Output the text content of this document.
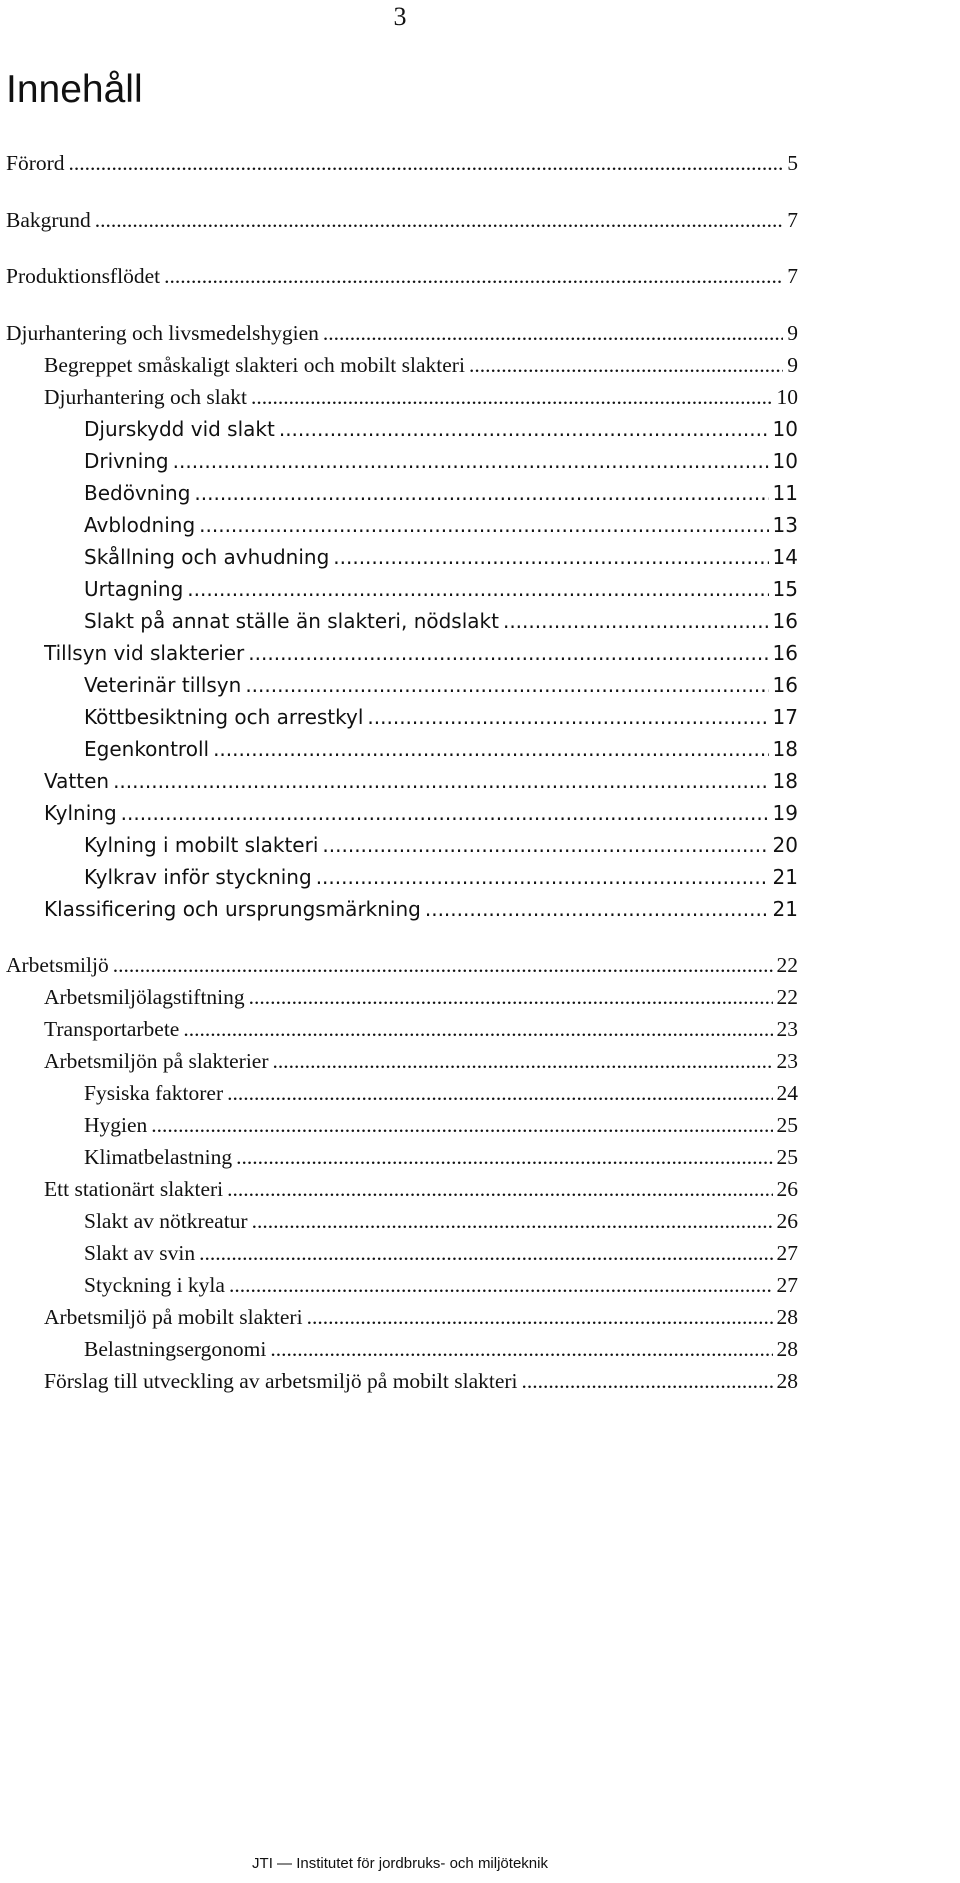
3
Innehåll
Förord .....	5
Bakgrund .....	7
Produktionsflödet .....	7
Djurhantering och livsmedelshygien .....	9
Begreppet småskaligt slakteri och mobilt slakteri .....	9
Djurhantering och slakt .....	10
Djurskydd vid slakt .....	10
Drivning .....	10
Bedövning .....	11
Avblodning .....	13
Skållning och avhudning .....	14
Urtagning .....	15
Slakt på annat ställe än slakteri, nödslakt .....	16
Tillsyn vid slakterier .....	16
Veterinär tillsyn .....	16
Köttbesiktning och arrestkyl .....	17
Egenkontroll .....	18
Vatten .....	18
Kylning .....	19
Kylning i mobilt slakteri .....	20
Kylkrav inför styckning .....	21
Klassificering och ursprungsmärkning .....	21
Arbetsmiljö .....	22
Arbetsmiljölagstiftning .....	22
Transportarbete .....	23
Arbetsmiljön på slakterier .....	23
Fysiska faktorer .....	24
Hygien .....	25
Klimatbelastning .....	25
Ett stationärt slakteri .....	26
Slakt av nötkreatur .....	26
Slakt av svin .....	27
Styckning i kyla .....	27
Arbetsmiljö på mobilt slakteri .....	28
Belastningsergonomi .....	28
Förslag till utveckling av arbetsmiljö på mobilt slakteri .....	28
JTI — Institutet för jordbruks- och miljöteknik
